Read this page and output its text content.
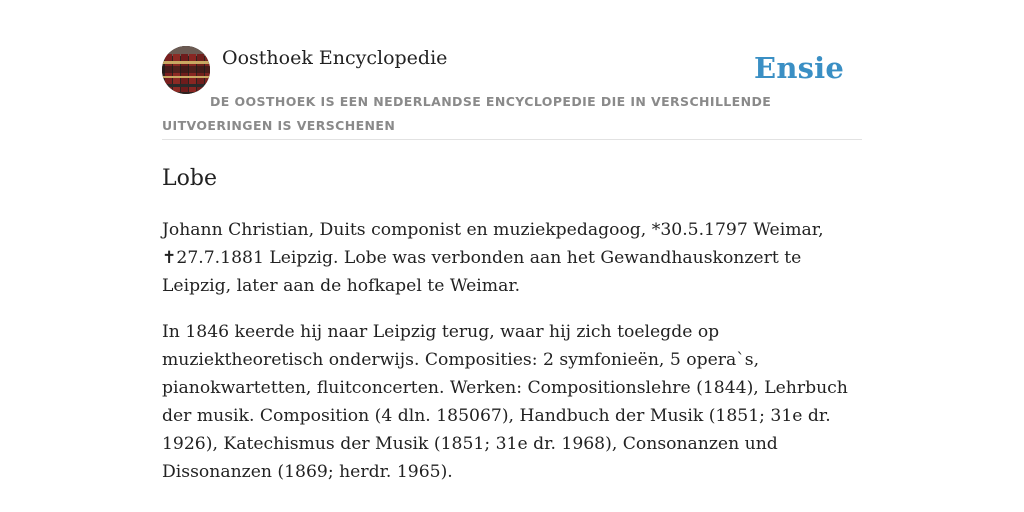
Oosthoek Encyclopedie	Ensie
DE OOSTHOEK IS EEN NEDERLANDSE ENCYCLOPEDIE DIE IN VERSCHILLENDE UITVOERINGEN IS VERSCHENEN
Lobe

Johann Christian, Duits componist en muziekpedagoog, *30.5.1797 Weimar, ✝27.7.1881 Leipzig. Lobe was verbonden aan het Gewandhauskonzert te Leipzig, later aan de hofkapel te Weimar.

In 1846 keerde hij naar Leipzig terug, waar hij zich toelegde op muziektheoretisch onderwijs. Composities: 2 symfonieën, 5 opera`s, pianokwartetten, fluitconcerten. Werken: Compositionslehre (1844), Lehrbuch der musik. Composition (4 dln. 185067), Handbuch der Musik (1851; 31e dr. 1926), Katechismus der Musik (1851; 31e dr. 1968), Consonanzen und Dissonanzen (1869; herdr. 1965).
